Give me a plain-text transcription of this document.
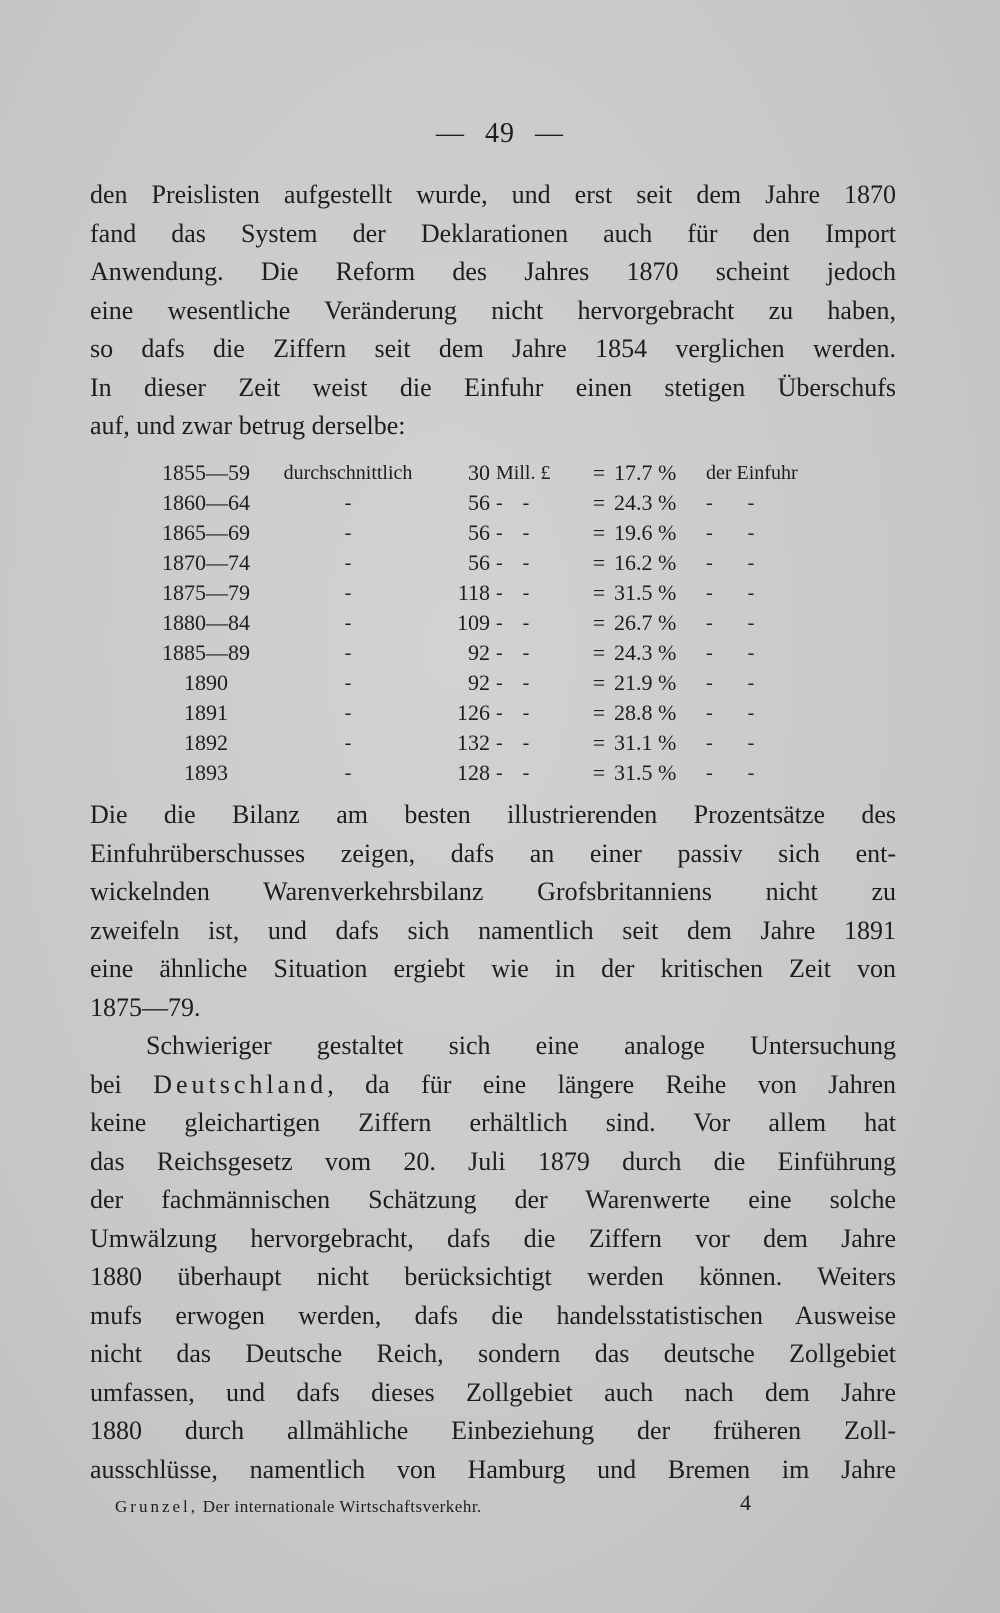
— 49 —
den Preislisten aufgestellt wurde, und erst seit dem Jahre 1870
fand das System der Deklarationen auch für den Import
Anwendung. Die Reform des Jahres 1870 scheint jedoch
eine wesentliche Veränderung nicht hervorgebracht zu haben,
so dafs die Ziffern seit dem Jahre 1854 verglichen werden.
In dieser Zeit weist die Einfuhr einen stetigen Überschufs
auf, und zwar betrug derselbe:
1855—59	durchschnittlich	30	Mill. £	=	17.7 %	der Einfuhr
1860—64	-	56	-    -	=	24.3 %	-       -
1865—69	-	56	-    -	=	19.6 %	-       -
1870—74	-	56	-    -	=	16.2 %	-       -
1875—79	-	118	-    -	=	31.5 %	-       -
1880—84	-	109	-    -	=	26.7 %	-       -
1885—89	-	92	-    -	=	24.3 %	-       -
1890	-	92	-    -	=	21.9 %	-       -
1891	-	126	-    -	=	28.8 %	-       -
1892	-	132	-    -	=	31.1 %	-       -
1893	-	128	-    -	=	31.5 %	-       -
Die die Bilanz am besten illustrierenden Prozentsätze des
Einfuhrüberschusses zeigen, dafs an einer passiv sich ent-
wickelnden Warenverkehrsbilanz Grofsbritanniens nicht zu
zweifeln ist, und dafs sich namentlich seit dem Jahre 1891
eine ähnliche Situation ergiebt wie in der kritischen Zeit von
1875—79.
Schwieriger gestaltet sich eine analoge Untersuchung
bei Deutschland, da für eine längere Reihe von Jahren
keine gleichartigen Ziffern erhältlich sind. Vor allem hat
das Reichsgesetz vom 20. Juli 1879 durch die Einführung
der fachmännischen Schätzung der Warenwerte eine solche
Umwälzung hervorgebracht, dafs die Ziffern vor dem Jahre
1880 überhaupt nicht berücksichtigt werden können. Weiters
mufs erwogen werden, dafs die handelsstatistischen Ausweise
nicht das Deutsche Reich, sondern das deutsche Zollgebiet
umfassen, und dafs dieses Zollgebiet auch nach dem Jahre
1880 durch allmähliche Einbeziehung der früheren Zoll-
ausschlüsse, namentlich von Hamburg und Bremen im Jahre
Grunzel, Der internationale Wirtschaftsverkehr.	4
